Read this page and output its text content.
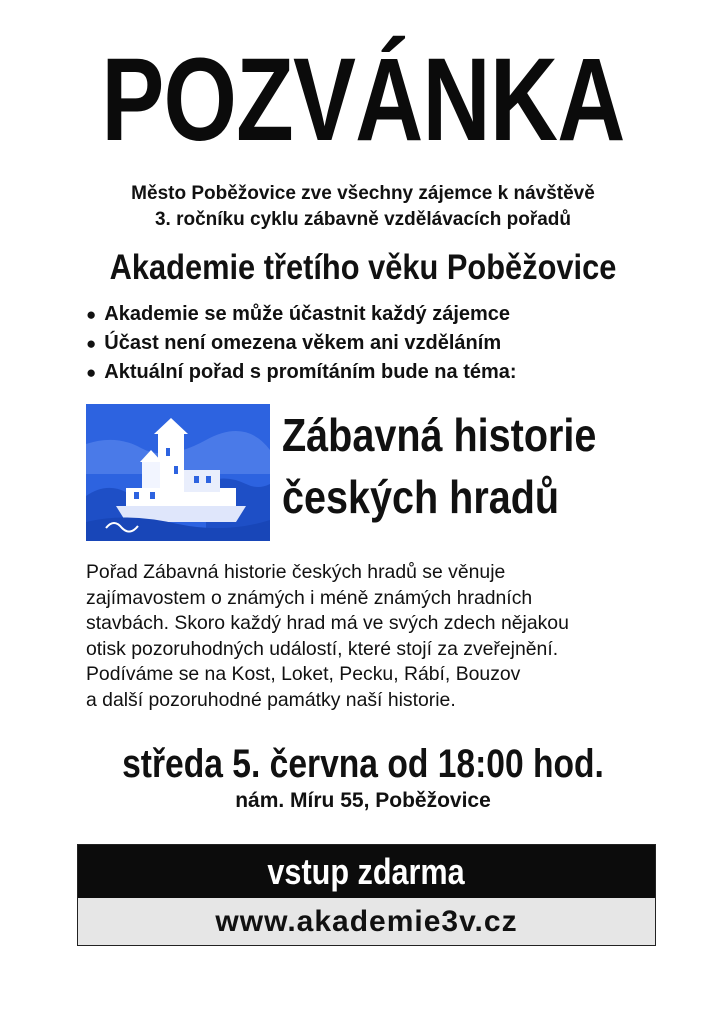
POZVÁNKA
Město Poběžovice zve všechny zájemce k návštěvě
3. ročníku cyklu zábavně vzdělávacích pořadů
Akademie třetího věku Poběžovice
● Akademie se může účastnit každý zájemce
● Účast není omezena věkem ani vzděláním
● Aktuální pořad s promítáním bude na téma:
Zábavná historie
českých hradů
Pořad Zábavná historie českých hradů se věnuje
zajímavostem o známých i méně známých hradních
stavbách. Skoro každý hrad má ve svých zdech nějakou
otisk pozoruhodných událostí, které stojí za zveřejnění.
Podíváme se na Kost, Loket, Pecku, Rábí, Bouzov
a další pozoruhodné památky naší historie.
středa 5. června od 18:00 hod.
nám. Míru 55, Poběžovice
vstup zdarma
www.akademie3v.cz
